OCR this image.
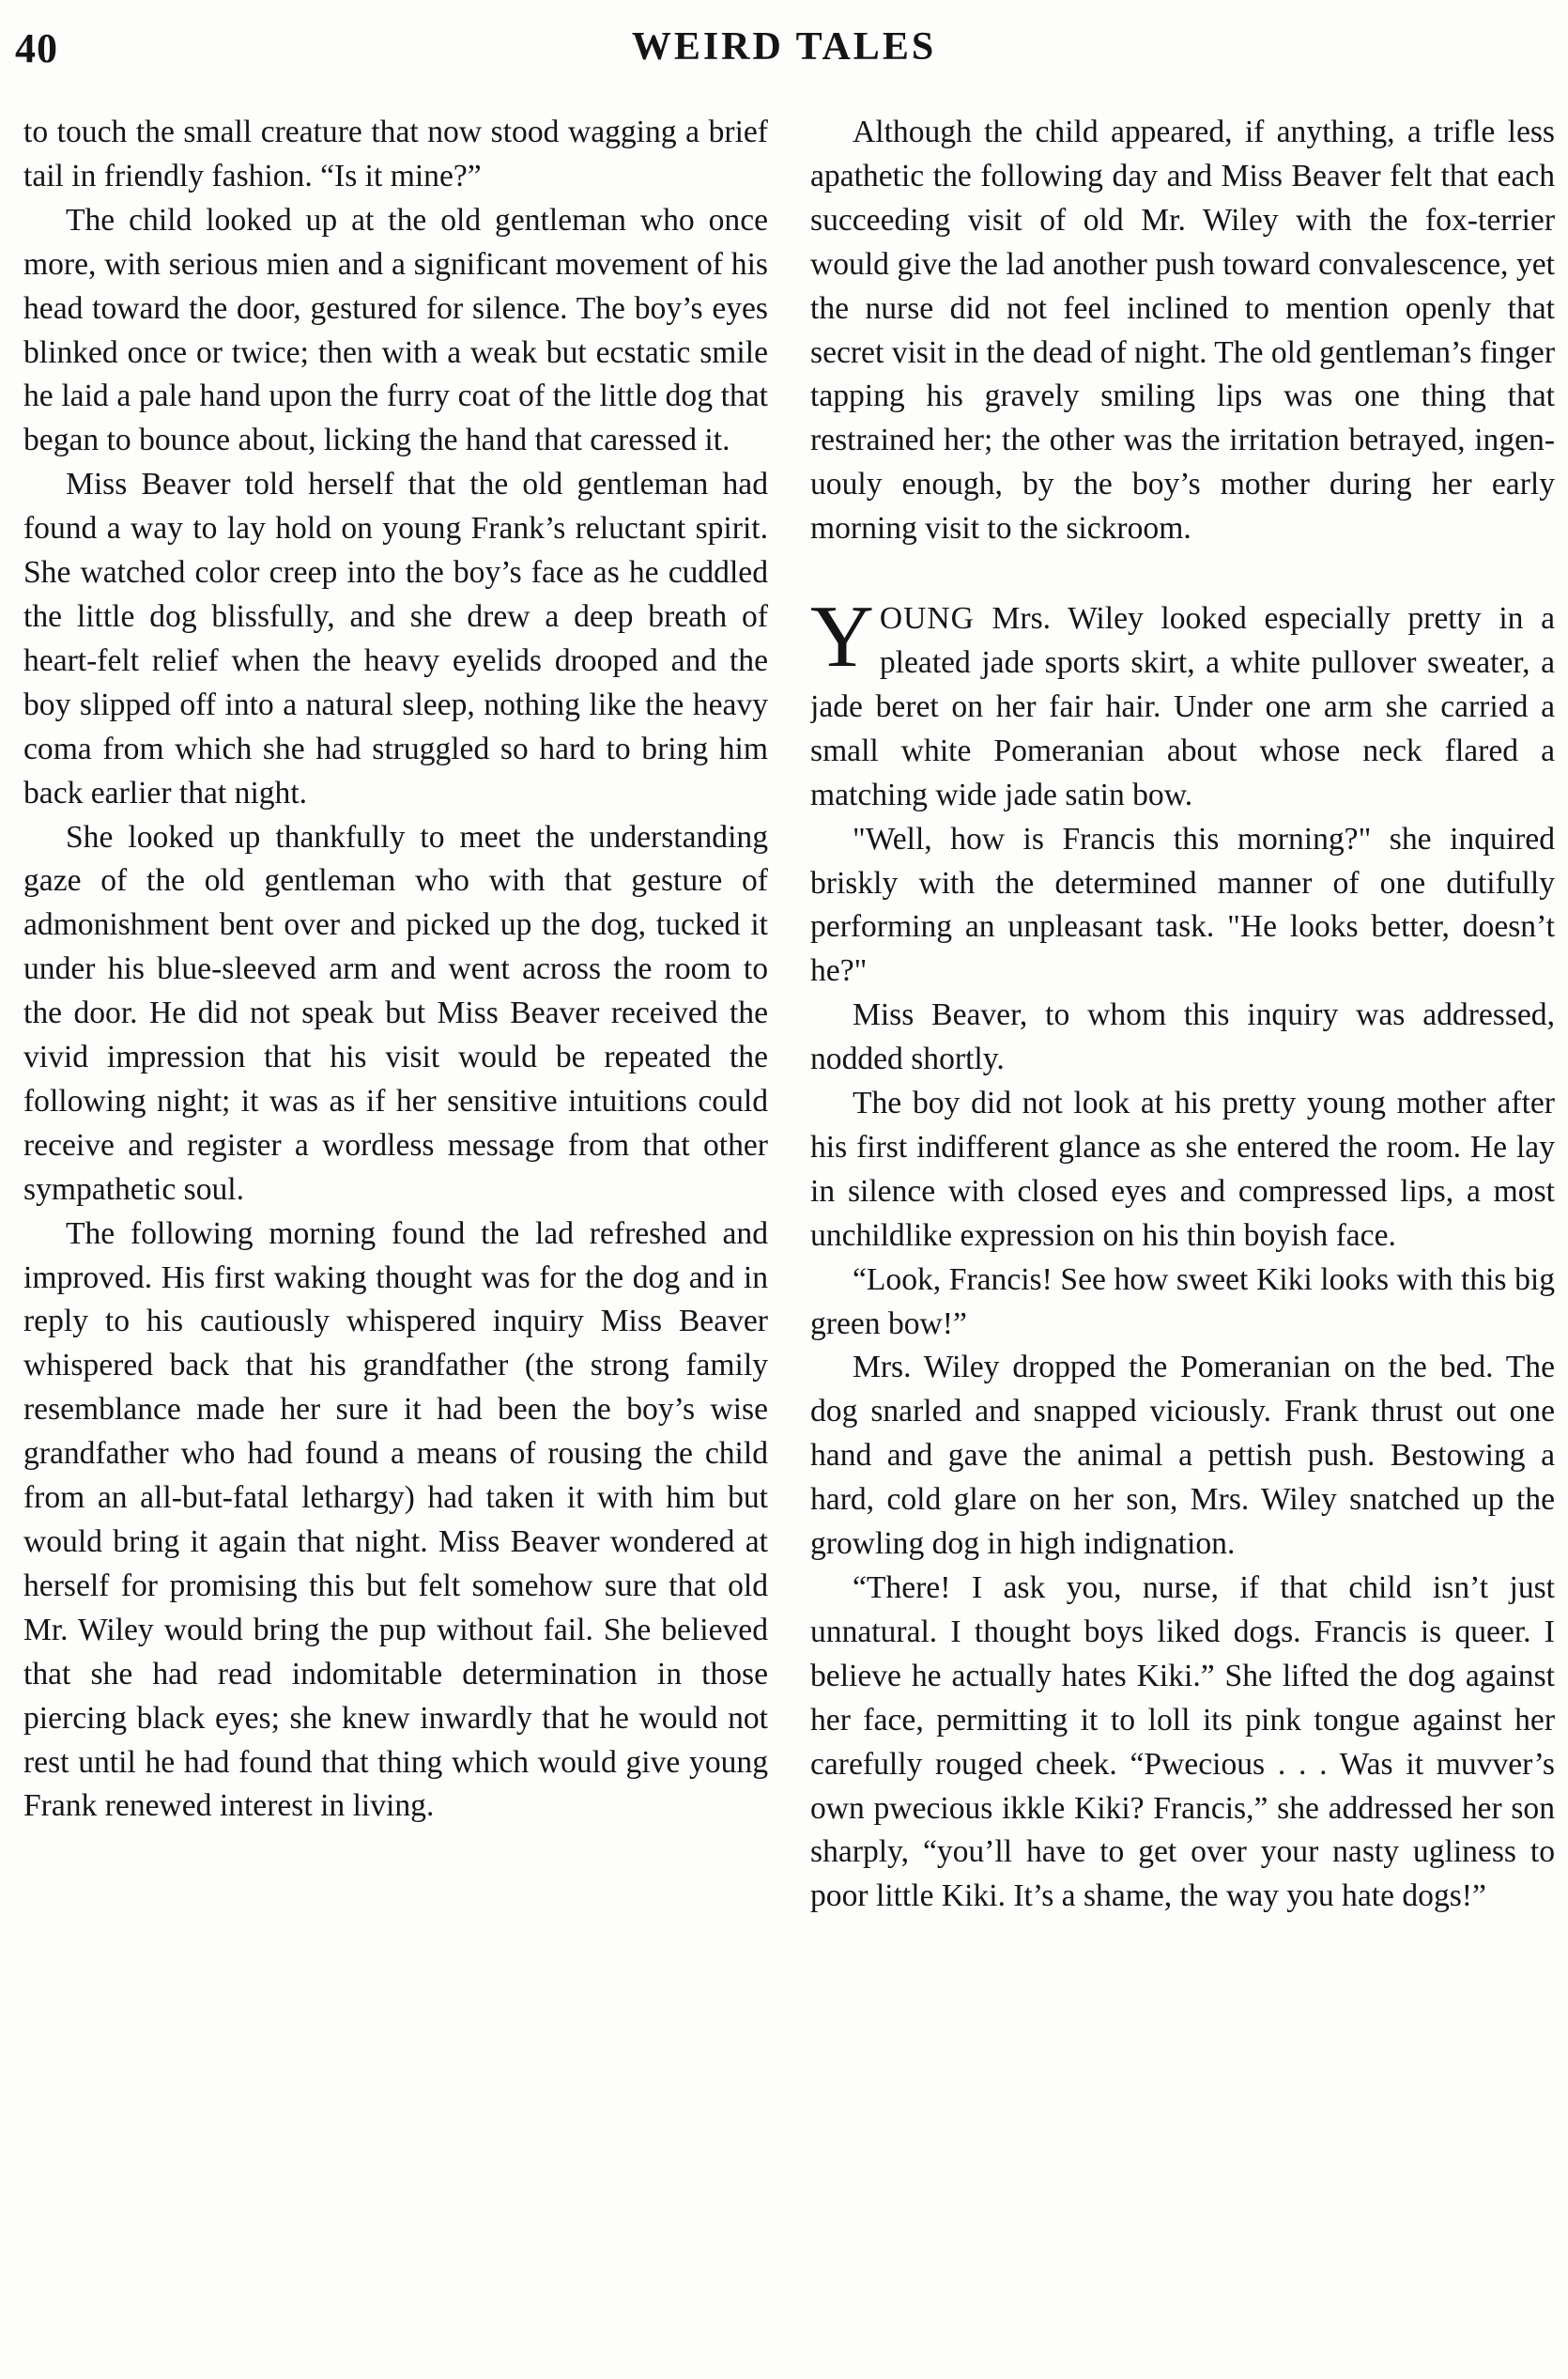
40	WEIRD TALES

to touch the small creature that now stood wagging a brief tail in friendly fashion. “Is it mine?”

The child looked up at the old gentleman who once more, with serious mien and a significant movement of his head toward the door, gestured for silence. The boy’s eyes blinked once or twice; then with a weak but ecstatic smile he laid a pale hand upon the furry coat of the little dog that began to bounce about, licking the hand that caressed it.

Miss Beaver told herself that the old gentleman had found a way to lay hold on young Frank’s reluctant spirit. She watched color creep into the boy’s face as he cuddled the little dog blissfully, and she drew a deep breath of heart-felt relief when the heavy eyelids drooped and the boy slipped off into a natural sleep, nothing like the heavy coma from which she had struggled so hard to bring him back earlier that night.

She looked up thankfully to meet the understanding gaze of the old gentleman who with that gesture of admonishment bent over and picked up the dog, tucked it under his blue-sleeved arm and went across the room to the door. He did not speak but Miss Beaver received the vivid impression that his visit would be repeated the following night; it was as if her sensitive intuitions could receive and register a wordless message from that other sympathetic soul.

The following morning found the lad refreshed and improved. His first waking thought was for the dog and in reply to his cautiously whispered inquiry Miss Beaver whispered back that his grandfather (the strong family resemblance made her sure it had been the boy’s wise grandfather who had found a means of rousing the child from an all-but-fatal lethargy) had taken it with him but would bring it again that night. Miss Beaver wondered at herself for promising this but felt somehow sure that old Mr. Wiley would bring the pup without fail. She believed that she had read indomitable determination in those piercing black eyes; she knew inwardly that he would not rest until he had found that thing which would give young Frank renewed interest in living.

Although the child appeared, if anything, a trifle less apathetic the following day and Miss Beaver felt that each succeeding visit of old Mr. Wiley with the fox-terrier would give the lad another push toward convalescence, yet the nurse did not feel inclined to mention openly that secret visit in the dead of night. The old gentleman’s finger tapping his gravely smiling lips was one thing that restrained her; the other was the irritation betrayed, ingenuouly enough, by the boy’s mother during her early morning visit to the sickroom.

YOUNG Mrs. Wiley looked especially pretty in a pleated jade sports skirt, a white pullover sweater, a jade beret on her fair hair. Under one arm she carried a small white Pomeranian about whose neck flared a matching wide jade satin bow.

"Well, how is Francis this morning?" she inquired briskly with the determined manner of one dutifully performing an unpleasant task. "He looks better, doesn’t he?"

Miss Beaver, to whom this inquiry was addressed, nodded shortly.

The boy did not look at his pretty young mother after his first indifferent glance as she entered the room. He lay in silence with closed eyes and compressed lips, a most unchildlike expression on his thin boyish face.

“Look, Francis! See how sweet Kiki looks with this big green bow!”

Mrs. Wiley dropped the Pomeranian on the bed. The dog snarled and snapped viciously. Frank thrust out one hand and gave the animal a pettish push. Bestowing a hard, cold glare on her son, Mrs. Wiley snatched up the growling dog in high indignation.

“There! I ask you, nurse, if that child isn’t just unnatural. I thought boys liked dogs. Francis is queer. I believe he actually hates Kiki.” She lifted the dog against her face, permitting it to loll its pink tongue against her carefully rouged cheek. “Pwecious . . . Was it muvver’s own pwecious ikkle Kiki? Francis,” she addressed her son sharply, “you’ll have to get over your nasty ugliness to poor little Kiki. It’s a shame, the way you hate dogs!”
